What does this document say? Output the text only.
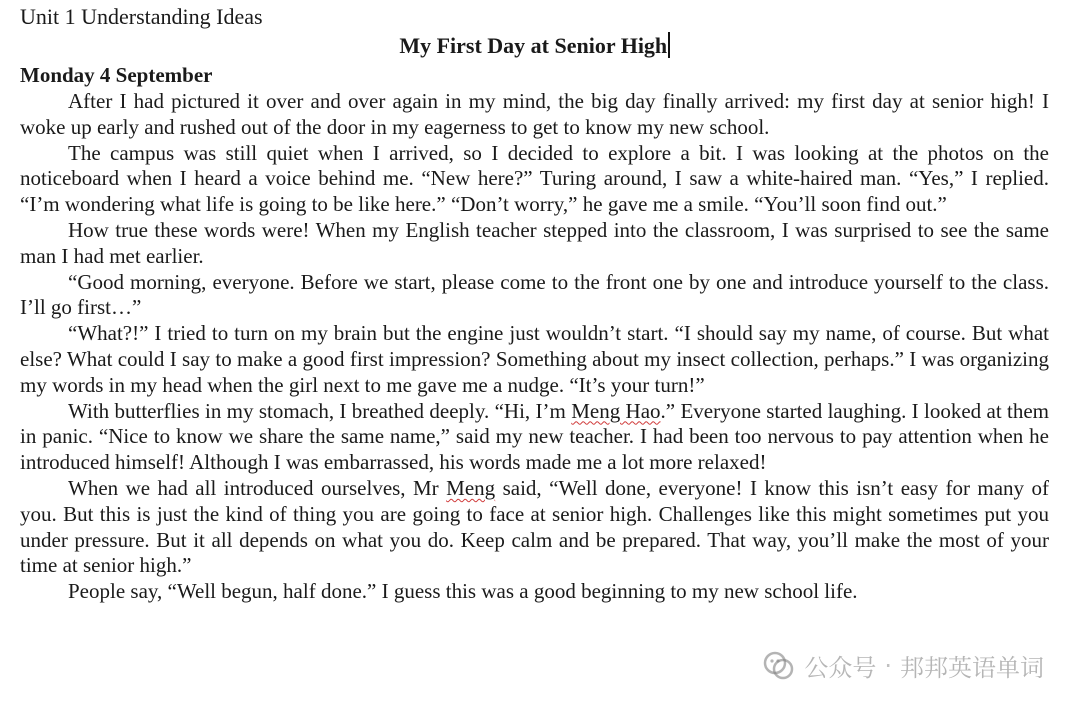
Unit 1 Understanding Ideas

My First Day at Senior High

Monday 4 September

After I had pictured it over and over again in my mind, the big day finally arrived: my first day at senior high! I woke up early and rushed out of the door in my eagerness to get to know my new school.

The campus was still quiet when I arrived, so I decided to explore a bit. I was looking at the photos on the noticeboard when I heard a voice behind me. “New here?” Turing around, I saw a white-haired man. “Yes,” I replied. “I’m wondering what life is going to be like here.” “Don’t worry,” he gave me a smile. “You’ll soon find out.”

How true these words were! When my English teacher stepped into the classroom, I was surprised to see the same man I had met earlier.

“Good morning, everyone. Before we start, please come to the front one by one and introduce yourself to the class. I’ll go first…”

“What?!” I tried to turn on my brain but the engine just wouldn’t start. “I should say my name, of course. But what else? What could I say to make a good first impression? Something about my insect collection, perhaps.” I was organizing my words in my head when the girl next to me gave me a nudge. “It’s your turn!”

With butterflies in my stomach, I breathed deeply. “Hi, I’m Meng Hao.” Everyone started laughing. I looked at them in panic. “Nice to know we share the same name,” said my new teacher. I had been too nervous to pay attention when he introduced himself! Although I was embarrassed, his words made me a lot more relaxed!

When we had all introduced ourselves, Mr Meng said, “Well done, everyone! I know this isn’t easy for many of you. But this is just the kind of thing you are going to face at senior high. Challenges like this might sometimes put you under pressure. But it all depends on what you do. Keep calm and be prepared. That way, you’ll make the most of your time at senior high.”

People say, “Well begun, half done.” I guess this was a good beginning to my new school life.

公众号 · 邦邦英语单词
